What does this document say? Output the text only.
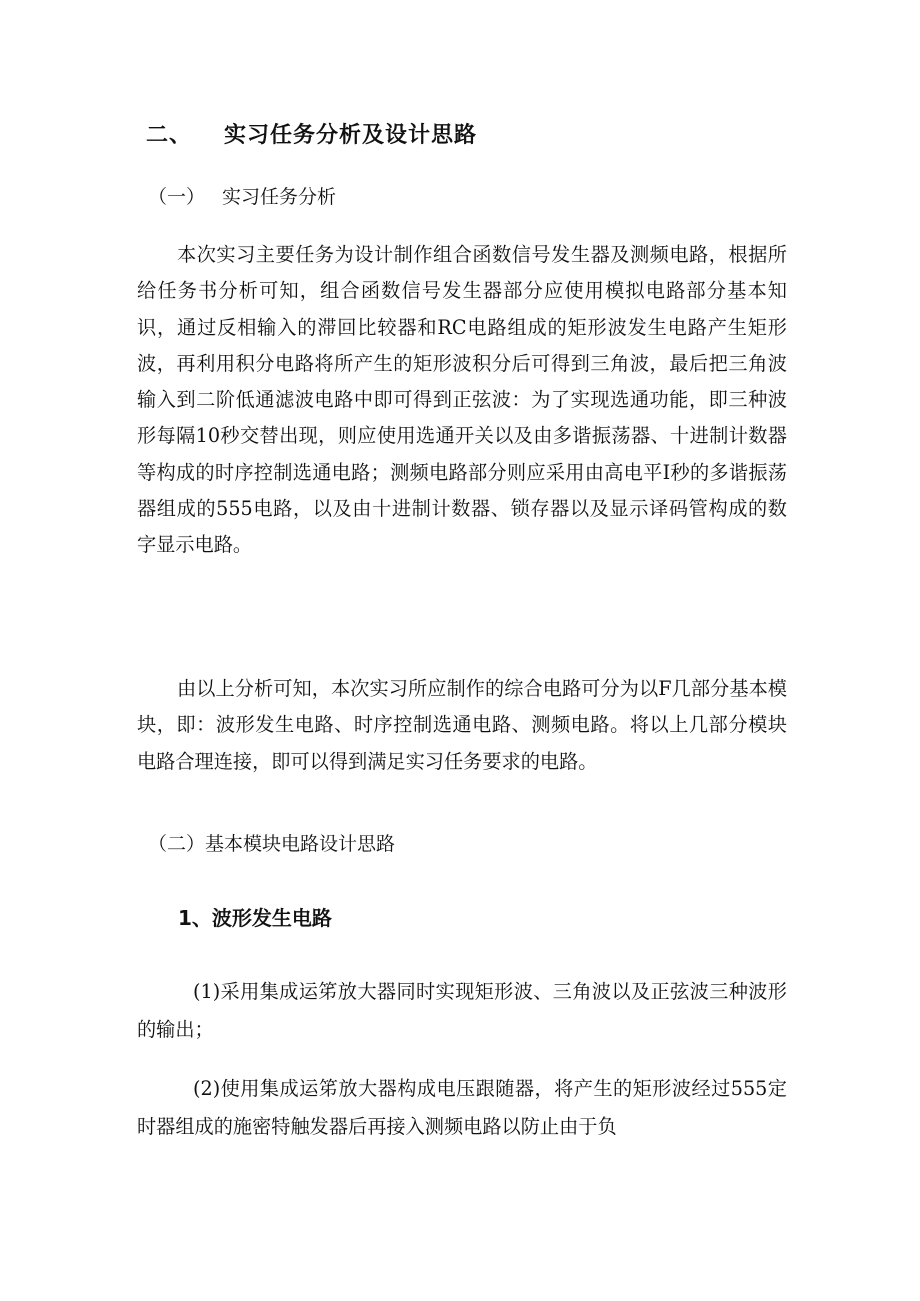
二、 实习任务分析及设计思路
（一） 实习任务分析

本次实习主要任务为设计制作组合函数信号发生器及测频电路，根据所给任务书分析可知，组合函数信号发生器部分应使用模拟电路部分基本知识，通过反相输入的滞回比较器和RC电路组成的矩形波发生电路产生矩形波，再利用积分电路将所产生的矩形波积分后可得到三角波，最后把三角波输入到二阶低通滤波电路中即可得到正弦波：为了实现选通功能，即三种波形每隔10秒交替出现，则应使用选通开关以及由多谐振荡器、十进制计数器等构成的时序控制选通电路；测频电路部分则应采用由高电平I秒的多谐振荡器组成的555电路，以及由十进制计数器、锁存器以及显示译码管构成的数字显示电路。

由以上分析可知，本次实习所应制作的综合电路可分为以F几部分基本模块，即：波形发生电路、时序控制选通电路、测频电路。将以上几部分模块电路合理连接，即可以得到满足实习任务要求的电路。

（二）基本模块电路设计思路
1、波形发生电路

(1)采用集成运笫放大器同时实现矩形波、三角波以及正弦波三种波形的输出；

(2)使用集成运笫放大器构成电压跟随器，将产生的矩形波经过555定时器组成的施密特触发器后再接入测频电路以防止由于负
